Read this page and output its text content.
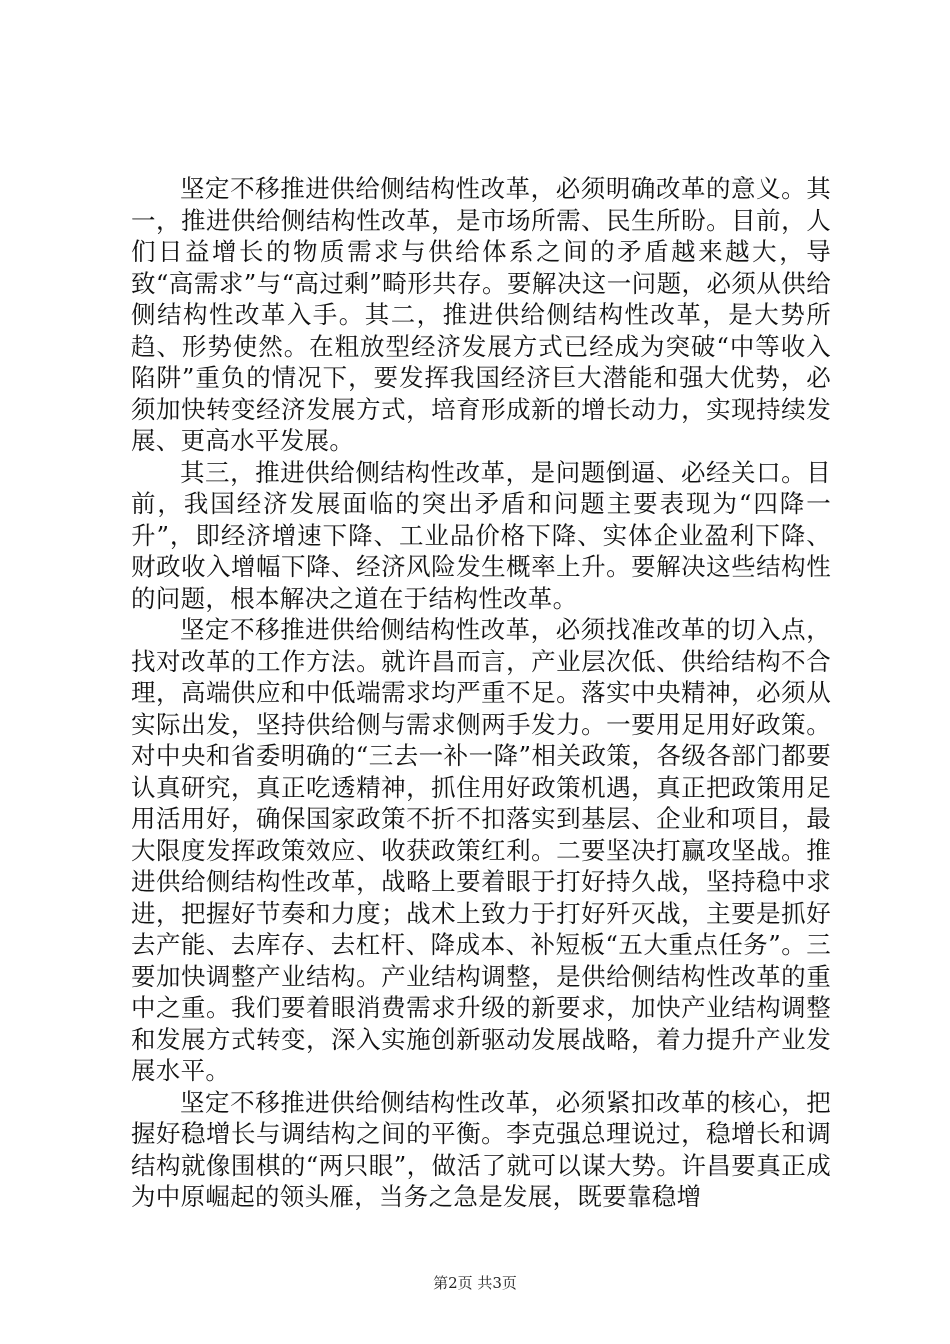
坚定不移推进供给侧结构性改革，必须明确改革的意义。其一，推进供给侧结构性改革，是市场所需、民生所盼。目前，人们日益增长的物质需求与供给体系之间的矛盾越来越大，导致“高需求”与“高过剩”畸形共存。要解决这一问题，必须从供给侧结构性改革入手。其二，推进供给侧结构性改革，是大势所趋、形势使然。在粗放型经济发展方式已经成为突破“中等收入陷阱”重负的情况下，要发挥我国经济巨大潜能和强大优势，必须加快转变经济发展方式，培育形成新的增长动力，实现持续发展、更高水平发展。

其三，推进供给侧结构性改革，是问题倒逼、必经关口。目前，我国经济发展面临的突出矛盾和问题主要表现为“四降一升”，即经济增速下降、工业品价格下降、实体企业盈利下降、财政收入增幅下降、经济风险发生概率上升。要解决这些结构性的问题，根本解决之道在于结构性改革。

坚定不移推进供给侧结构性改革，必须找准改革的切入点，找对改革的工作方法。就许昌而言，产业层次低、供给结构不合理，高端供应和中低端需求均严重不足。落实中央精神，必须从实际出发，坚持供给侧与需求侧两手发力。一要用足用好政策。对中央和省委明确的“三去一补一降”相关政策，各级各部门都要认真研究，真正吃透精神，抓住用好政策机遇，真正把政策用足用活用好，确保国家政策不折不扣落实到基层、企业和项目，最大限度发挥政策效应、收获政策红利。二要坚决打赢攻坚战。推进供给侧结构性改革，战略上要着眼于打好持久战，坚持稳中求进，把握好节奏和力度；战术上致力于打好歼灭战，主要是抓好去产能、去库存、去杠杆、降成本、补短板“五大重点任务”。三要加快调整产业结构。产业结构调整，是供给侧结构性改革的重中之重。我们要着眼消费需求升级的新要求，加快产业结构调整和发展方式转变，深入实施创新驱动发展战略，着力提升产业发展水平。

坚定不移推进供给侧结构性改革，必须紧扣改革的核心，把握好稳增长与调结构之间的平衡。李克强总理说过，稳增长和调结构就像围棋的“两只眼”，做活了就可以谋大势。许昌要真正成为中原崛起的领头雁，当务之急是发展，既要靠稳增

第2页 共3页
